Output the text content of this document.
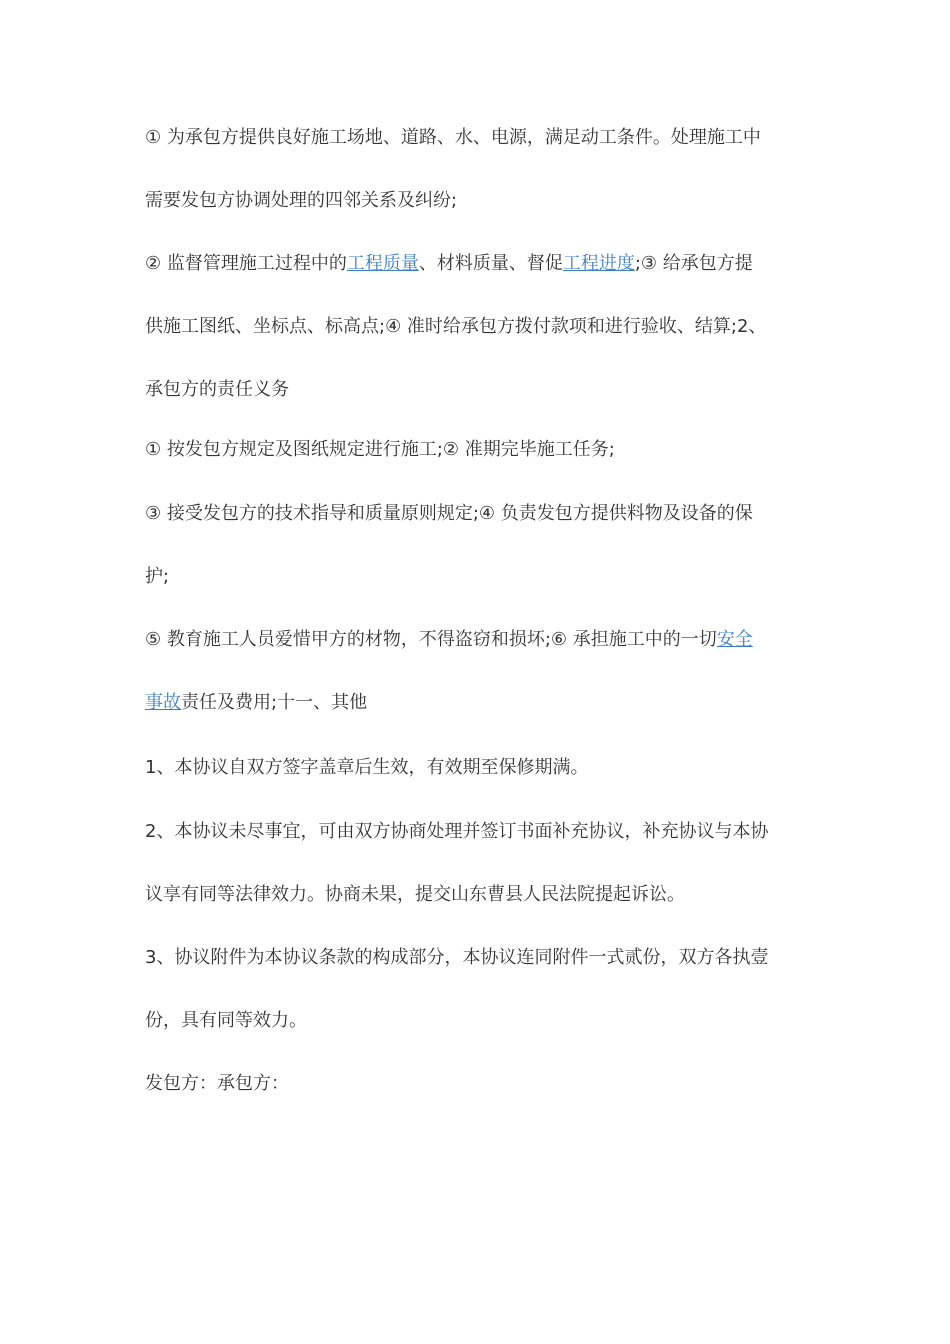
① 为承包方提供良好施工场地、道路、水、电源，满足动工条件。处理施工中
需要发包方协调处理的四邻关系及纠纷;
② 监督管理施工过程中的工程质量、材料质量、督促工程进度;③ 给承包方提
供施工图纸、坐标点、标高点;④ 准时给承包方拨付款项和进行验收、结算;2、
承包方的责任义务
① 按发包方规定及图纸规定进行施工;② 准期完毕施工任务;
③ 接受发包方的技术指导和质量原则规定;④ 负责发包方提供料物及设备的保
护;
⑤ 教育施工人员爱惜甲方的材物，不得盗窃和损坏;⑥ 承担施工中的一切安全
事故责任及费用;十一、其他
1、本协议自双方签字盖章后生效，有效期至保修期满。
2、本协议未尽事宜，可由双方协商处理并签订书面补充协议，补充协议与本协
议享有同等法律效力。协商未果，提交山东曹县人民法院提起诉讼。
3、协议附件为本协议条款的构成部分，本协议连同附件一式贰份，双方各执壹
份，具有同等效力。
发包方：承包方：
